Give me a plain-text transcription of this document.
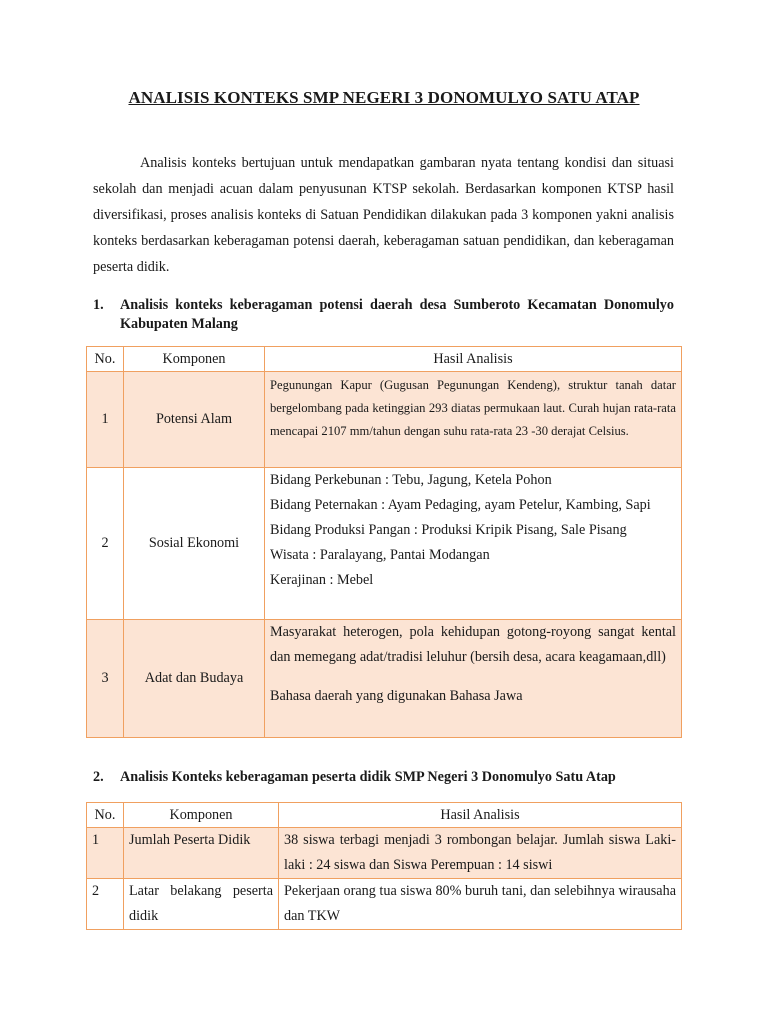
ANALISIS KONTEKS SMP NEGERI 3 DONOMULYO SATU ATAP

Analisis konteks bertujuan untuk mendapatkan gambaran nyata tentang kondisi dan situasi sekolah dan menjadi acuan dalam penyusunan KTSP sekolah. Berdasarkan komponen KTSP hasil diversifikasi, proses analisis konteks di Satuan Pendidikan dilakukan pada 3 komponen yakni analisis konteks berdasarkan keberagaman potensi daerah, keberagaman satuan pendidikan, dan keberagaman peserta didik.

1.	Analisis konteks keberagaman potensi daerah desa Sumberoto Kecamatan Donomulyo Kabupaten Malang
No.	Komponen	Hasil Analisis
1	Potensi Alam	Pegunungan Kapur (Gugusan Pegunungan Kendeng), struktur tanah datar bergelombang pada ketinggian 293 diatas permukaan laut. Curah hujan rata-rata mencapai 2107 mm/tahun dengan suhu rata-rata 23 -30 derajat Celsius.
2	Sosial Ekonomi	Bidang Perkebunan : Tebu, Jagung, Ketela Pohon
Bidang Peternakan : Ayam Pedaging, ayam Petelur, Kambing, Sapi
Bidang Produksi Pangan : Produksi Kripik Pisang, Sale Pisang
Wisata : Paralayang, Pantai Modangan
Kerajinan : Mebel

3	Adat dan Budaya	Masyarakat heterogen, pola kehidupan gotong-royong sangat kental dan memegang adat/tradisi leluhur (bersih desa, acara keagamaan,dll)
Bahasa daerah yang digunakan Bahasa Jawa
2.	Analisis Konteks keberagaman peserta didik SMP Negeri 3 Donomulyo Satu Atap
No.	Komponen	Hasil Analisis
1	Jumlah Peserta Didik	38 siswa terbagi menjadi 3 rombongan belajar. Jumlah siswa Laki-laki : 24 siswa dan Siswa Perempuan : 14 siswi
2	Latar belakang peserta didik	Pekerjaan orang tua siswa 80% buruh tani, dan selebihnya wirausaha dan TKW
